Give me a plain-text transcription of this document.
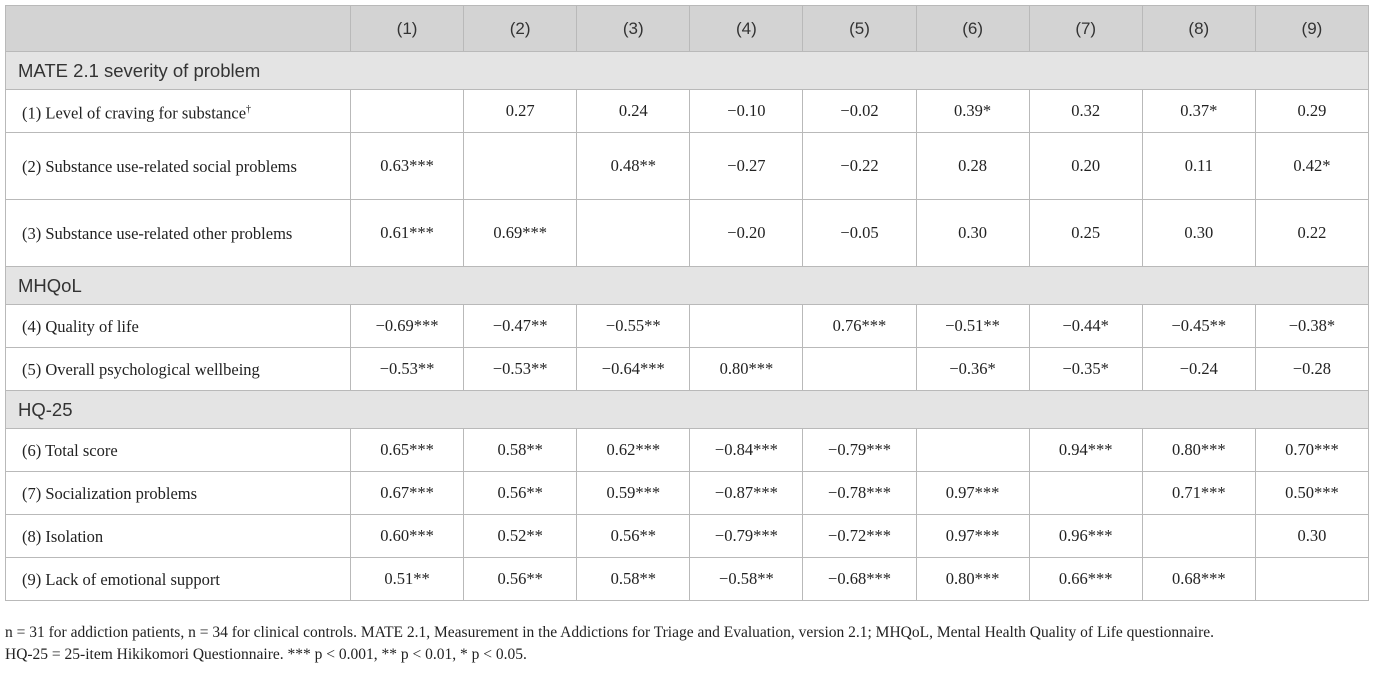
	(1)	(2)	(3)	(4)	(5)	(6)	(7)	(8)	(9)
MATE 2.1 severity of problem									
(1) Level of craving for substance†		0.27	0.24	−0.10	−0.02	0.39*	0.32	0.37*	0.29
(2) Substance use-related social problems	0.63***		0.48**	−0.27	−0.22	0.28	0.20	0.11	0.42*
(3) Substance use-related other problems	0.61***	0.69***		−0.20	−0.05	0.30	0.25	0.30	0.22
MHQoL									
(4) Quality of life	−0.69***	−0.47**	−0.55**		0.76***	−0.51**	−0.44*	−0.45**	−0.38*
(5) Overall psychological wellbeing	−0.53**	−0.53**	−0.64***	0.80***		−0.36*	−0.35*	−0.24	−0.28
HQ-25									
(6) Total score	0.65***	0.58**	0.62***	−0.84***	−0.79***		0.94***	0.80***	0.70***
(7) Socialization problems	0.67***	0.56**	0.59***	−0.87***	−0.78***	0.97***		0.71***	0.50***
(8) Isolation	0.60***	0.52**	0.56**	−0.79***	−0.72***	0.97***	0.96***		0.30
(9) Lack of emotional support	0.51**	0.56**	0.58**	−0.58**	−0.68***	0.80***	0.66***	0.68***	
n = 31 for addiction patients, n = 34 for clinical controls. MATE 2.1, Measurement in the Addictions for Triage and Evaluation, version 2.1; MHQoL, Mental Health Quality of Life questionnaire.
HQ-25 = 25-item Hikikomori Questionnaire. *** p < 0.001, ** p < 0.01, * p < 0.05.
